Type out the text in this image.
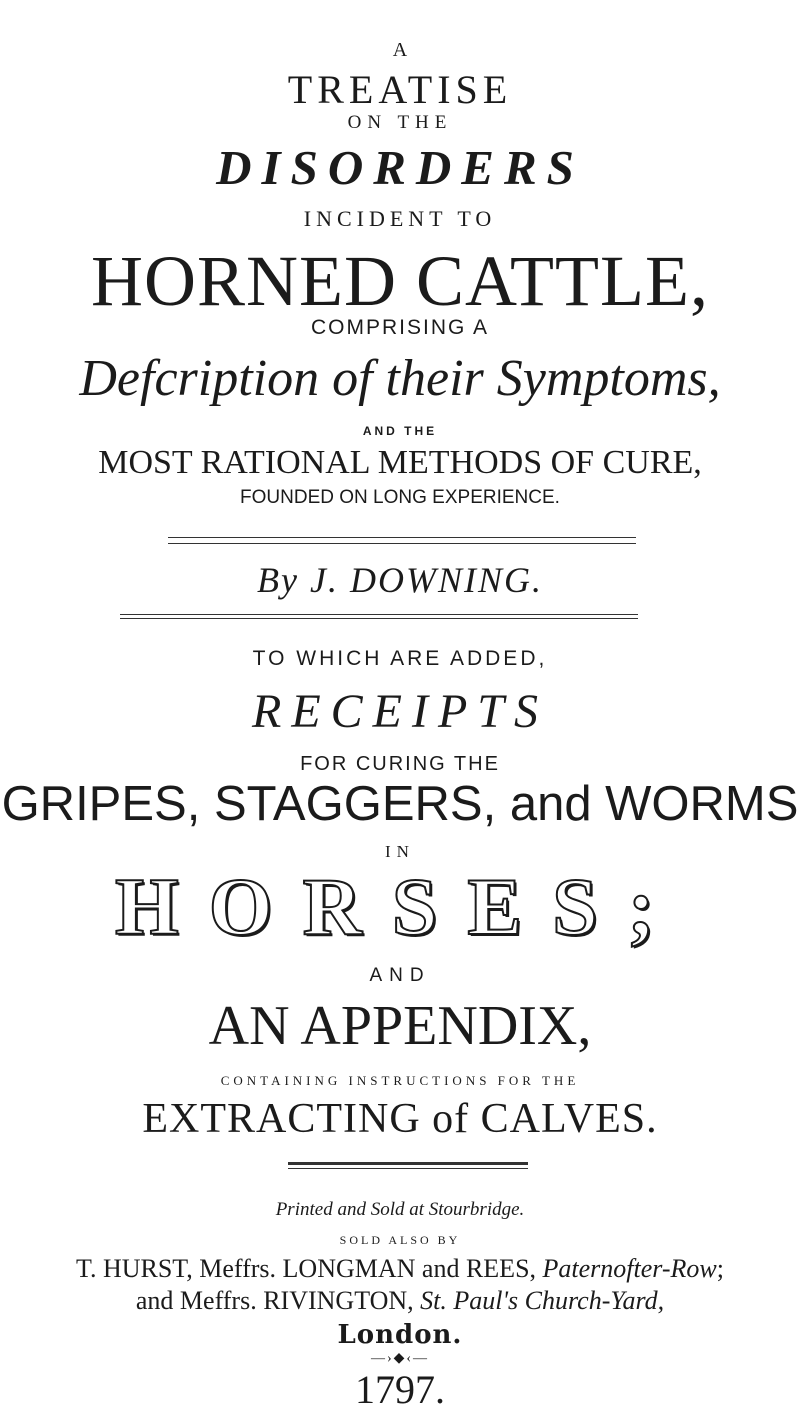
A
TREATISE
ON THE
DISORDERS
INCIDENT TO
HORNED CATTLE,
COMPRISING A
Defcription of their Symptoms,
AND THE
MOST RATIONAL METHODS OF CURE,
FOUNDED ON LONG EXPERIENCE.
By J. DOWNING.
TO WHICH ARE ADDED,
RECEIPTS
FOR CURING THE
GRIPES, STAGGERS, and WORMS
IN
HORSES;
AND
AN APPENDIX,
CONTAINING INSTRUCTIONS FOR THE
EXTRACTING of CALVES.
Printed and Sold at Stourbridge.
SOLD ALSO BY
T. HURST, Meffrs. LONGMAN and REES, Paternofter-Row;
and Meffrs. RIVINGTON, St. Paul's Church-Yard,
London.
—›◆‹—
1797.
